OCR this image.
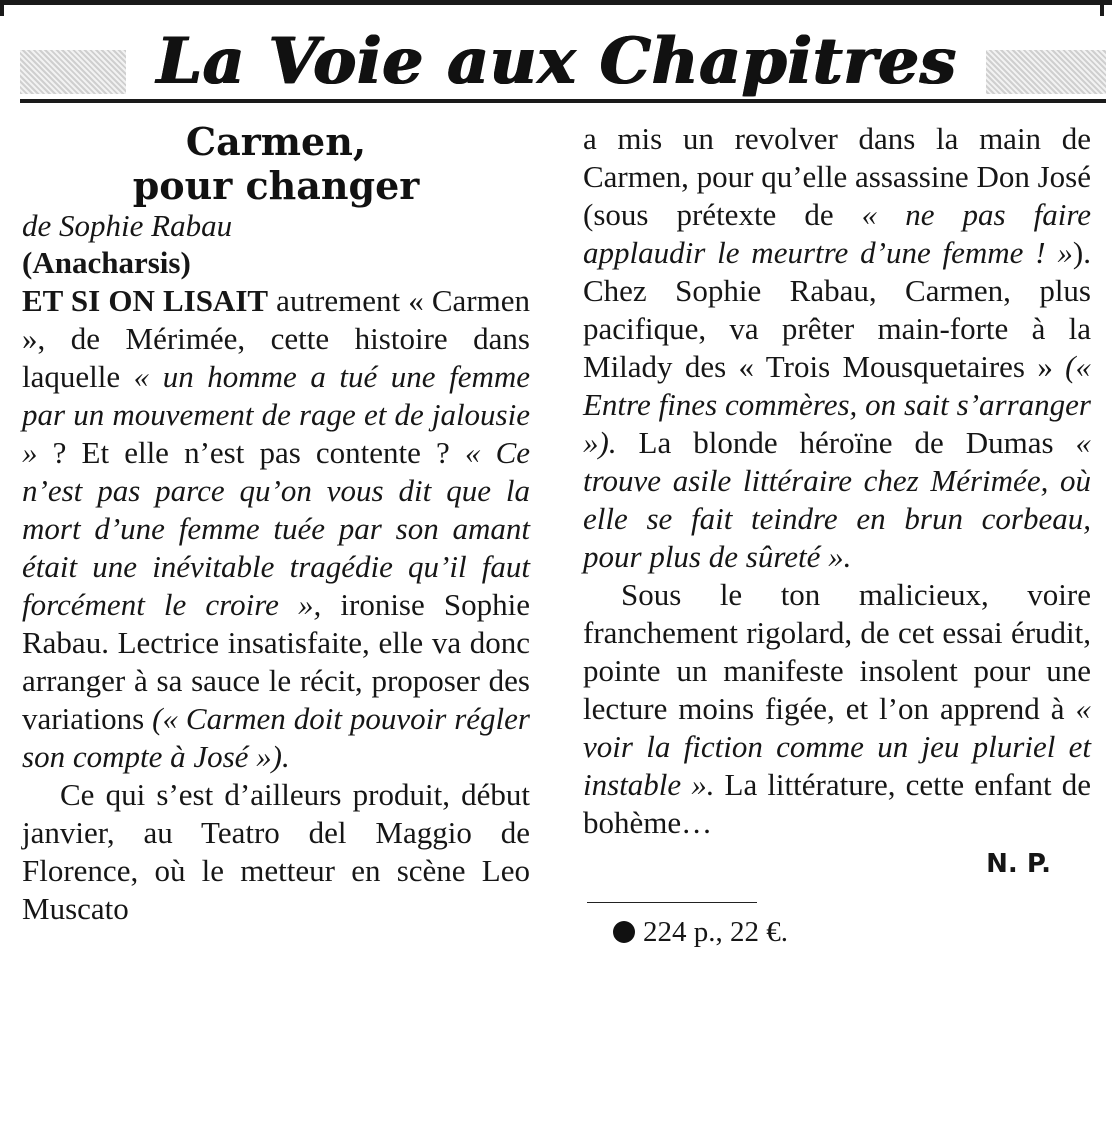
La Voie aux Chapitres
Carmen,
pour changer

de Sophie Rabau

(Anacharsis)

ET SI ON LISAIT autrement « Carmen », de Mérimée, cette histoire dans laquelle « un homme a tué une femme par un mouvement de rage et de jalousie » ? Et elle n’est pas contente ? « Ce n’est pas parce qu’on vous dit que la mort d’une femme tuée par son amant était une inévitable tragédie qu’il faut forcément le croire », ironise Sophie Rabau. Lectrice insatisfaite, elle va donc arranger à sa sauce le récit, proposer des variations (« Carmen doit pouvoir régler son compte à José »).

Ce qui s’est d’ailleurs produit, début janvier, au Teatro del Maggio de Florence, où le metteur en scène Leo Muscato

a mis un revolver dans la main de Carmen, pour qu’elle assassine Don José (sous prétexte de « ne pas faire applaudir le meurtre d’une femme ! »). Chez Sophie Rabau, Carmen, plus pacifique, va prêter main-forte à la Milady des « Trois Mousquetaires » (« Entre fines commères, on sait s’arranger »). La blonde héroïne de Dumas « trouve asile littéraire chez Mérimée, où elle se fait teindre en brun corbeau, pour plus de sûreté ».

Sous le ton malicieux, voire franchement rigolard, de cet essai érudit, pointe un manifeste insolent pour une lecture moins figée, et l’on apprend à « voir la fiction comme un jeu pluriel et instable ». La littérature, cette enfant de bohème…

N. P.
224 p., 22 €.
